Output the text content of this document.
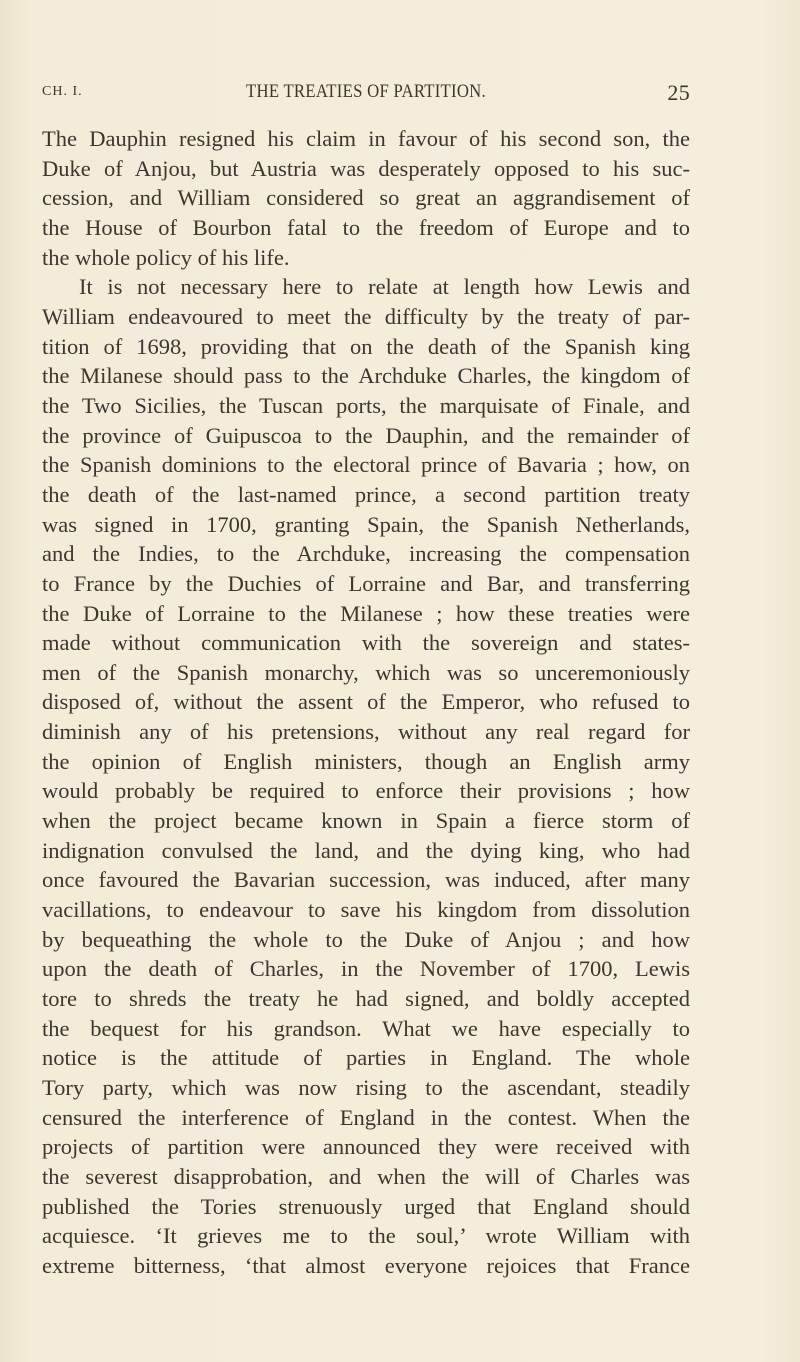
CH. I.	THE TREATIES OF PARTITION.	25
The Dauphin resigned his claim in favour of his second son, the
Duke of Anjou, but Austria was desperately opposed to his suc-
cession, and William considered so great an aggrandisement of
the House of Bourbon fatal to the freedom of Europe and to
the whole policy of his life.
It is not necessary here to relate at length how Lewis and
William endeavoured to meet the difficulty by the treaty of par-
tition of 1698, providing that on the death of the Spanish king
the Milanese should pass to the Archduke Charles, the kingdom of
the Two Sicilies, the Tuscan ports, the marquisate of Finale, and
the province of Guipuscoa to the Dauphin, and the remainder of
the Spanish dominions to the electoral prince of Bavaria ; how, on
the death of the last-named prince, a second partition treaty
was signed in 1700, granting Spain, the Spanish Netherlands,
and the Indies, to the Archduke, increasing the compensation
to France by the Duchies of Lorraine and Bar, and transferring
the Duke of Lorraine to the Milanese ; how these treaties were
made without communication with the sovereign and states-
men of the Spanish monarchy, which was so unceremoniously
disposed of, without the assent of the Emperor, who refused to
diminish any of his pretensions, without any real regard for
the opinion of English ministers, though an English army
would probably be required to enforce their provisions ; how
when the project became known in Spain a fierce storm of
indignation convulsed the land, and the dying king, who had
once favoured the Bavarian succession, was induced, after many
vacillations, to endeavour to save his kingdom from dissolution
by bequeathing the whole to the Duke of Anjou ; and how
upon the death of Charles, in the November of 1700, Lewis
tore to shreds the treaty he had signed, and boldly accepted
the bequest for his grandson. What we have especially to
notice is the attitude of parties in England. The whole
Tory party, which was now rising to the ascendant, steadily
censured the interference of England in the contest. When the
projects of partition were announced they were received with
the severest disapprobation, and when the will of Charles was
published the Tories strenuously urged that England should
acquiesce. ‘It grieves me to the soul,’ wrote William with
extreme bitterness, ‘that almost everyone rejoices that France
